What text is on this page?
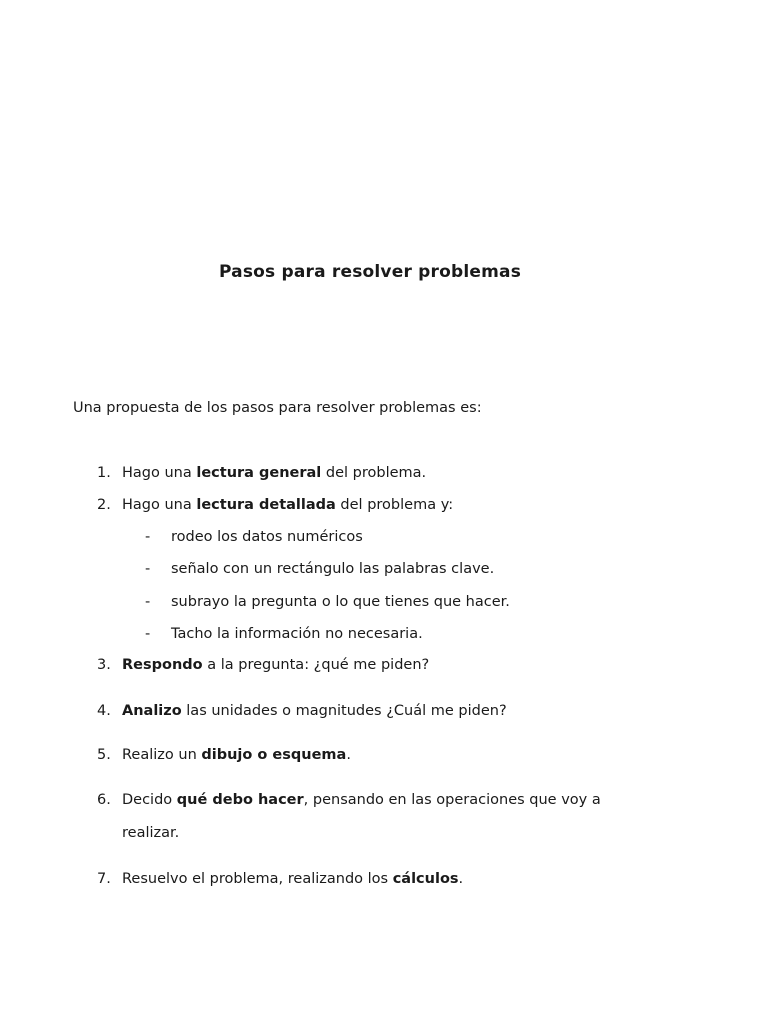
Pasos para resolver problemas
Una propuesta de los pasos para resolver problemas es:
1. Hago una lectura general del problema.
2. Hago una lectura detallada del problema y:
- rodeo los datos numéricos
- señalo con un rectángulo las palabras clave.
- subrayo la pregunta o lo que tienes que hacer.
- Tacho la información no necesaria.
3. Respondo a la pregunta: ¿qué me piden?
4. Analizo las unidades o magnitudes ¿Cuál me piden?
5. Realizo un dibujo o esquema.
6. Decido qué debo hacer, pensando en las operaciones que voy a
realizar.
7. Resuelvo el problema, realizando los cálculos.
